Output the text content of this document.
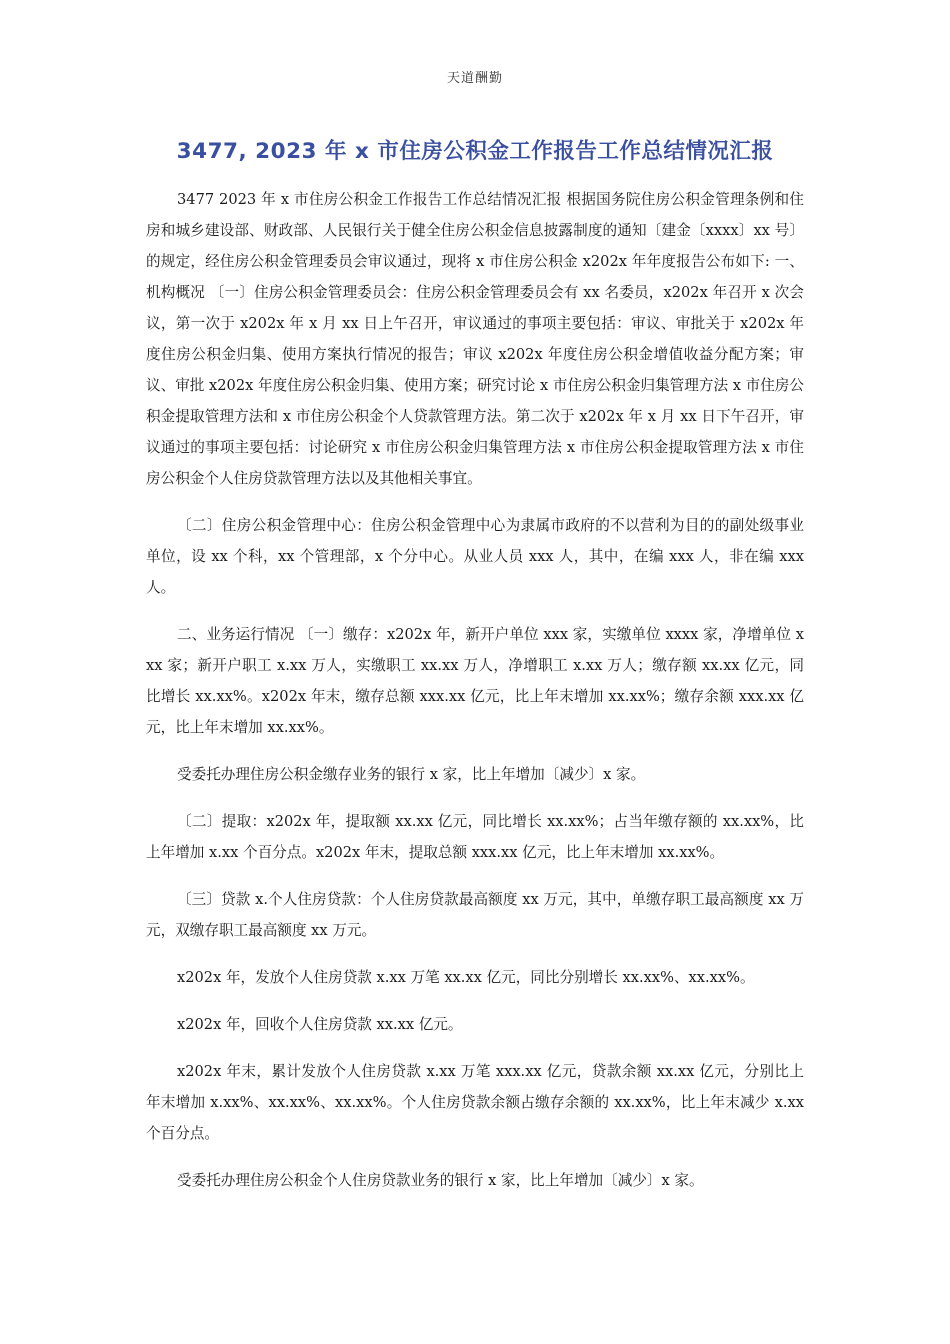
天道酬勤
3477, 2023 年 x 市住房公积金工作报告工作总结情况汇报

3477 2023 年 x 市住房公积金工作报告工作总结情况汇报 根据国务院住房公积金管理条例和住房和城乡建设部、财政部、人民银行关于健全住房公积金信息披露制度的通知〔建金〔xxxx〕xx 号〕的规定，经住房公积金管理委员会审议通过，现将 x 市住房公积金 x202x 年年度报告公布如下: 一、机构概况 〔一〕住房公积金管理委员会：住房公积金管理委员会有 xx 名委员，x202x 年召开 x 次会议，第一次于 x202x 年 x 月 xx 日上午召开，审议通过的事项主要包括：审议、审批关于 x202x 年度住房公积金归集、使用方案执行情况的报告；审议 x202x 年度住房公积金增值收益分配方案；审议、审批 x202x 年度住房公积金归集、使用方案；研究讨论 x 市住房公积金归集管理方法 x 市住房公积金提取管理方法和 x 市住房公积金个人贷款管理方法。第二次于 x202x 年 x 月 xx 日下午召开，审议通过的事项主要包括：讨论研究 x 市住房公积金归集管理方法 x 市住房公积金提取管理方法 x 市住房公积金个人住房贷款管理方法以及其他相关事宜。

〔二〕住房公积金管理中心：住房公积金管理中心为隶属市政府的不以营利为目的的副处级事业单位，设 xx 个科，xx 个管理部，x 个分中心。从业人员 xxx 人，其中，在编 xxx 人，非在编 xxx 人。

二、业务运行情况 〔一〕缴存：x202x 年，新开户单位 xxx 家，实缴单位 xxxx 家，净增单位 xxx 家；新开户职工 x.xx 万人，实缴职工 xx.xx 万人，净增职工 x.xx 万人；缴存额 xx.xx 亿元，同比增长 xx.xx%。x202x 年末，缴存总额 xxx.xx 亿元，比上年末增加 xx.xx%；缴存余额 xxx.xx 亿元，比上年末增加 xx.xx%。

受委托办理住房公积金缴存业务的银行 x 家，比上年增加〔减少〕x 家。

〔二〕提取：x202x 年，提取额 xx.xx 亿元，同比增长 xx.xx%；占当年缴存额的 xx.xx%，比上年增加 x.xx 个百分点。x202x 年末，提取总额 xxx.xx 亿元，比上年末增加 xx.xx%。

〔三〕贷款 x.个人住房贷款：个人住房贷款最高额度 xx 万元，其中，单缴存职工最高额度 xx 万元，双缴存职工最高额度 xx 万元。

x202x 年，发放个人住房贷款 x.xx 万笔 xx.xx 亿元，同比分别增长 xx.xx%、xx.xx%。

x202x 年，回收个人住房贷款 xx.xx 亿元。

x202x 年末，累计发放个人住房贷款 x.xx 万笔 xxx.xx 亿元，贷款余额 xx.xx 亿元，分别比上年末增加 x.xx%、xx.xx%、xx.xx%。个人住房贷款余额占缴存余额的 xx.xx%，比上年末减少 x.xx 个百分点。

受委托办理住房公积金个人住房贷款业务的银行 x 家，比上年增加〔减少〕x 家。
